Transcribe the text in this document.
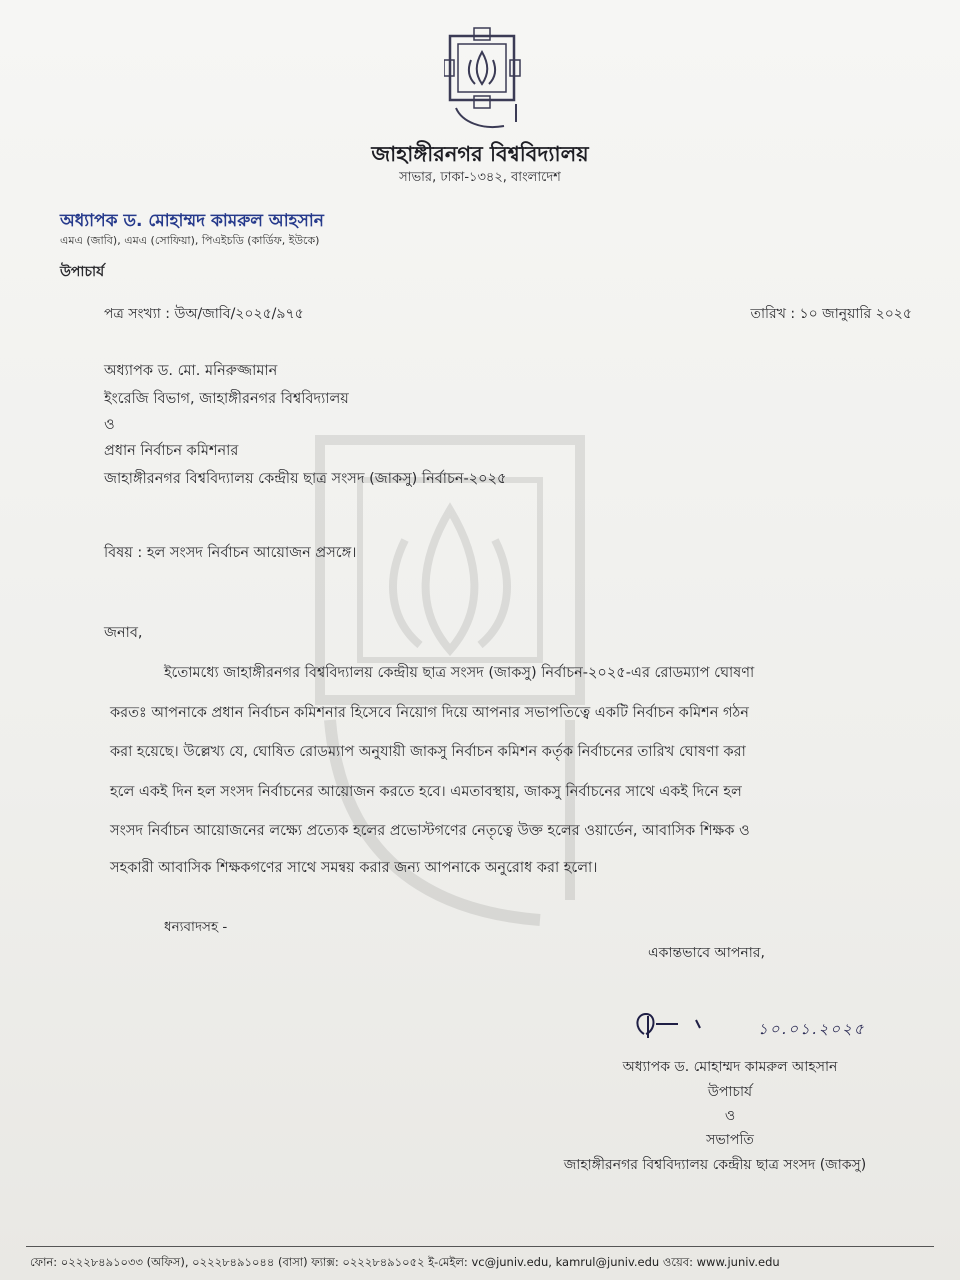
জাহাঙ্গীরনগর বিশ্ববিদ্যালয়
সাভার, ঢাকা-১৩৪২, বাংলাদেশ
অধ্যাপক ড. মোহাম্মদ কামরুল আহসান
এমএ (জাবি), এমএ (সোফিয়া), পিএইচডি (কার্ডিফ, ইউকে)
উপাচার্য
পত্র সংখ্যা : উঅ/জাবি/২০২৫/৯৭৫	তারিখ : ১০ জানুয়ারি ২০২৫
অধ্যাপক ড. মো. মনিরুজ্জামান
ইংরেজি বিভাগ, জাহাঙ্গীরনগর বিশ্ববিদ্যালয়
ও
প্রধান নির্বাচন কমিশনার
জাহাঙ্গীরনগর বিশ্ববিদ্যালয় কেন্দ্রীয় ছাত্র সংসদ (জাকসু) নির্বাচন-২০২৫
বিষয় : হল সংসদ নির্বাচন আয়োজন প্রসঙ্গে।
জনাব,
ইতোমধ্যে জাহাঙ্গীরনগর বিশ্ববিদ্যালয় কেন্দ্রীয় ছাত্র সংসদ (জাকসু) নির্বাচন-২০২৫-এর রোডম্যাপ ঘোষণা
করতঃ আপনাকে প্রধান নির্বাচন কমিশনার হিসেবে নিয়োগ দিয়ে আপনার সভাপতিত্বে একটি নির্বাচন কমিশন গঠন
করা হয়েছে। উল্লেখ্য যে, ঘোষিত রোডম্যাপ অনুযায়ী জাকসু নির্বাচন কমিশন কর্তৃক নির্বাচনের তারিখ ঘোষণা করা
হলে একই দিন হল সংসদ নির্বাচনের আয়োজন করতে হবে। এমতাবস্থায়, জাকসু নির্বাচনের সাথে একই দিনে হল
সংসদ নির্বাচন আয়োজনের লক্ষ্যে প্রত্যেক হলের প্রভোস্টগণের নেতৃত্বে উক্ত হলের ওয়ার্ডেন, আবাসিক শিক্ষক ও
সহকারী আবাসিক শিক্ষকগণের সাথে সমন্বয় করার জন্য আপনাকে অনুরোধ করা হলো।
ধন্যবাদসহ -
একান্তভাবে আপনার,
১০.০১.২০২৫
অধ্যাপক ড. মোহাম্মদ কামরুল আহসান
উপাচার্য
ও
সভাপতি
জাহাঙ্গীরনগর বিশ্ববিদ্যালয় কেন্দ্রীয় ছাত্র সংসদ (জাকসু)
ফোন: ০২২২৮৪৯১০৩৩ (অফিস), ০২২২৮৪৯১০৪৪ (বাসা) ফ্যাক্স: ০২২২৮৪৯১০৫২ ই-মেইল: vc@juniv.edu, kamrul@juniv.edu ওয়েব: www.juniv.edu
